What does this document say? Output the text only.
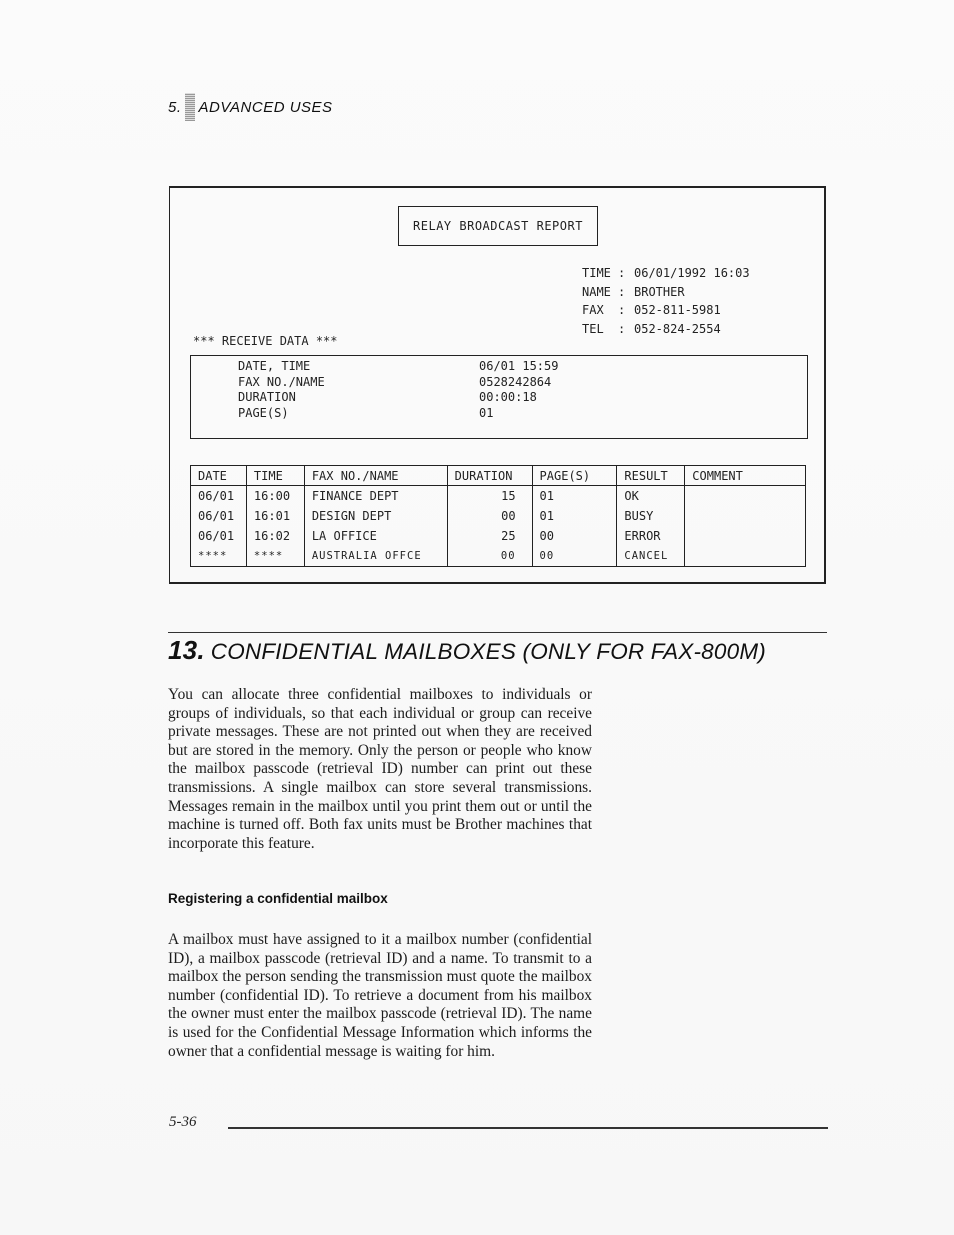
5. ADVANCED USES
RELAY BROADCAST REPORT
TIME : 06/01/1992 16:03
NAME : BROTHER
FAX	: 052-811-5981
TEL	: 052-824-2554
*** RECEIVE DATA ***
DATE, TIME	06/01 15:59
FAX NO./NAME	0528242864
DURATION	00:00:18
PAGE(S)	01
DATE	TIME	FAX NO./NAME	DURATION	PAGE(S)	RESULT	COMMENT
06/01	16:00	FINANCE DEPT	15	01	OK	
06/01	16:01	DESIGN DEPT	00	01	BUSY	
06/01	16:02	LA OFFICE	25	00	ERROR	
****	****	AUSTRALIA OFFCE	00	00	CANCEL	
13. CONFIDENTIAL MAILBOXES (ONLY FOR FAX-800M)

You can allocate three confidential mailboxes to individuals or groups of individuals, so that each individual or group can receive private messages. These are not printed out when they are received but are stored in the memory. Only the person or people who know the mailbox passcode (retrieval ID) number can print out these transmissions. A single mailbox can store several transmissions. Messages remain in the mailbox until you print them out or until the machine is turned off. Both fax units must be Brother machines that incorporate this feature.

Registering a confidential mailbox

A mailbox must have assigned to it a mailbox number (confidential ID), a mailbox passcode (retrieval ID) and a name. To transmit to a mailbox the person sending the transmission must quote the mailbox number (confidential ID). To retrieve a document from his mailbox the owner must enter the mailbox passcode (retrieval ID). The name is used for the Confidential Message Information which informs the owner that a confidential message is waiting for him.

5-36
